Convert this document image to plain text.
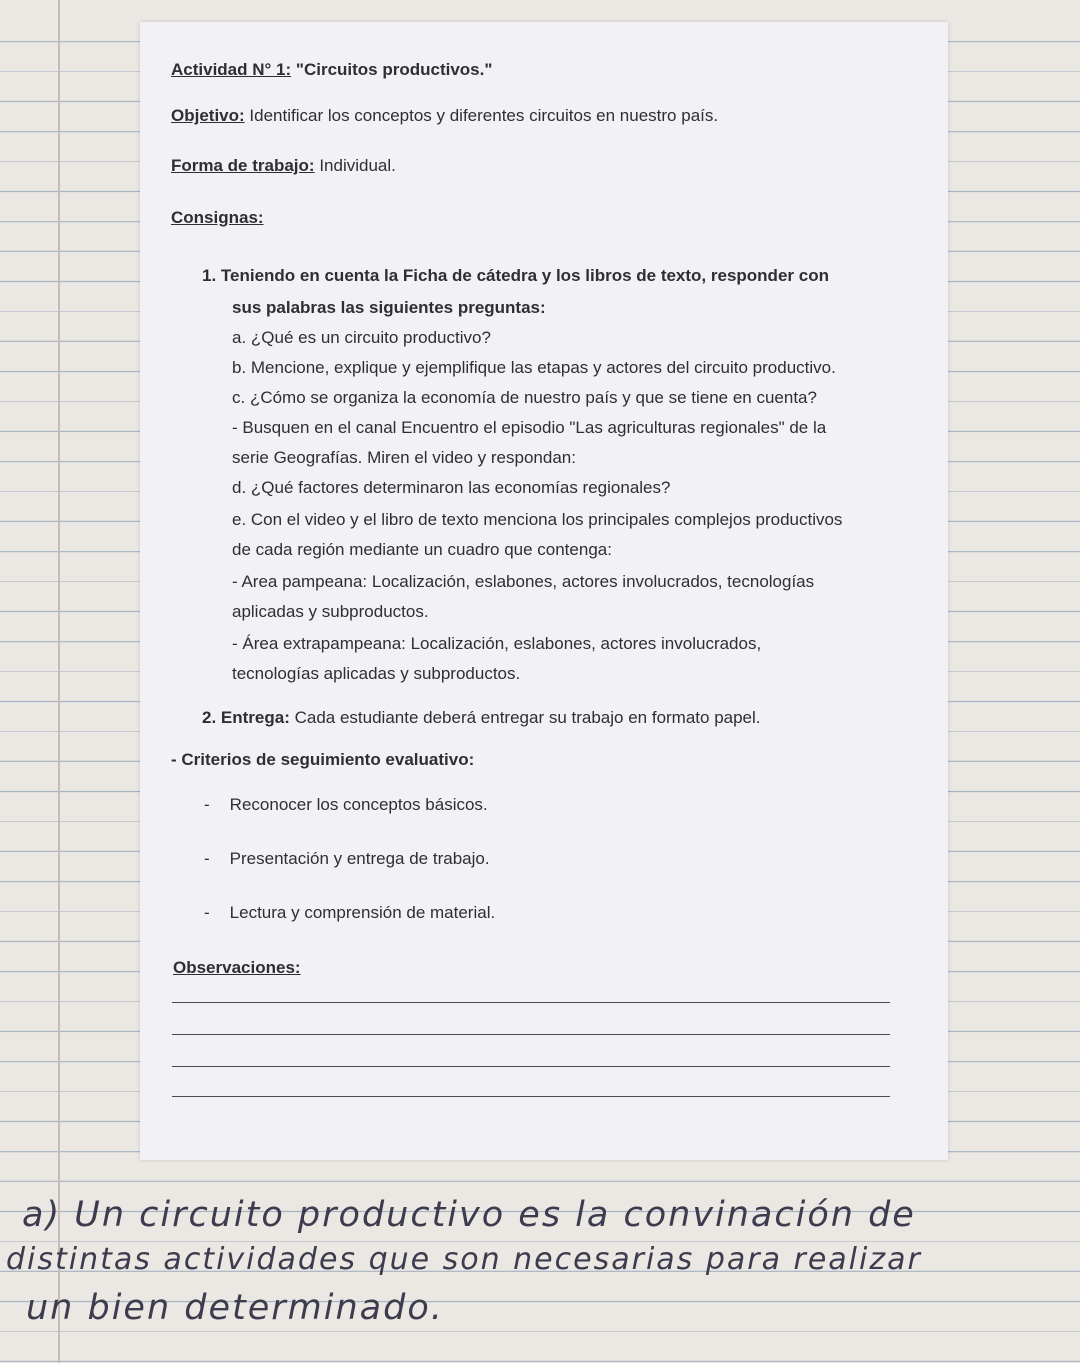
Actividad N° 1: "Circuitos productivos."
Objetivo: Identificar los conceptos y diferentes circuitos en nuestro país.
Forma de trabajo: Individual.
Consignas:
1. Teniendo en cuenta la Ficha de cátedra y los libros de texto, responder con
sus palabras las siguientes preguntas:
a. ¿Qué es un circuito productivo?
b. Mencione, explique y ejemplifique las etapas y actores del circuito productivo.
c. ¿Cómo se organiza la economía de nuestro país y que se tiene en cuenta?
- Busquen en el canal Encuentro el episodio "Las agriculturas regionales" de la
serie Geografías. Miren el video y respondan:
d. ¿Qué factores determinaron las economías regionales?
e. Con el video y el libro de texto menciona los principales complejos productivos
de cada región mediante un cuadro que contenga:
- Area pampeana: Localización, eslabones, actores involucrados, tecnologías
aplicadas y subproductos.
- Área extrapampeana: Localización, eslabones, actores involucrados,
tecnologías aplicadas y subproductos.
2. Entrega: Cada estudiante deberá entregar su trabajo en formato papel.
- Criterios de seguimiento evaluativo:
- Reconocer los conceptos básicos.
- Presentación y entrega de trabajo.
- Lectura y comprensión de material.
Observaciones:
a) Un circuito productivo es la convinación de
distintas actividades que son necesarias para realizar
un bien determinado.
